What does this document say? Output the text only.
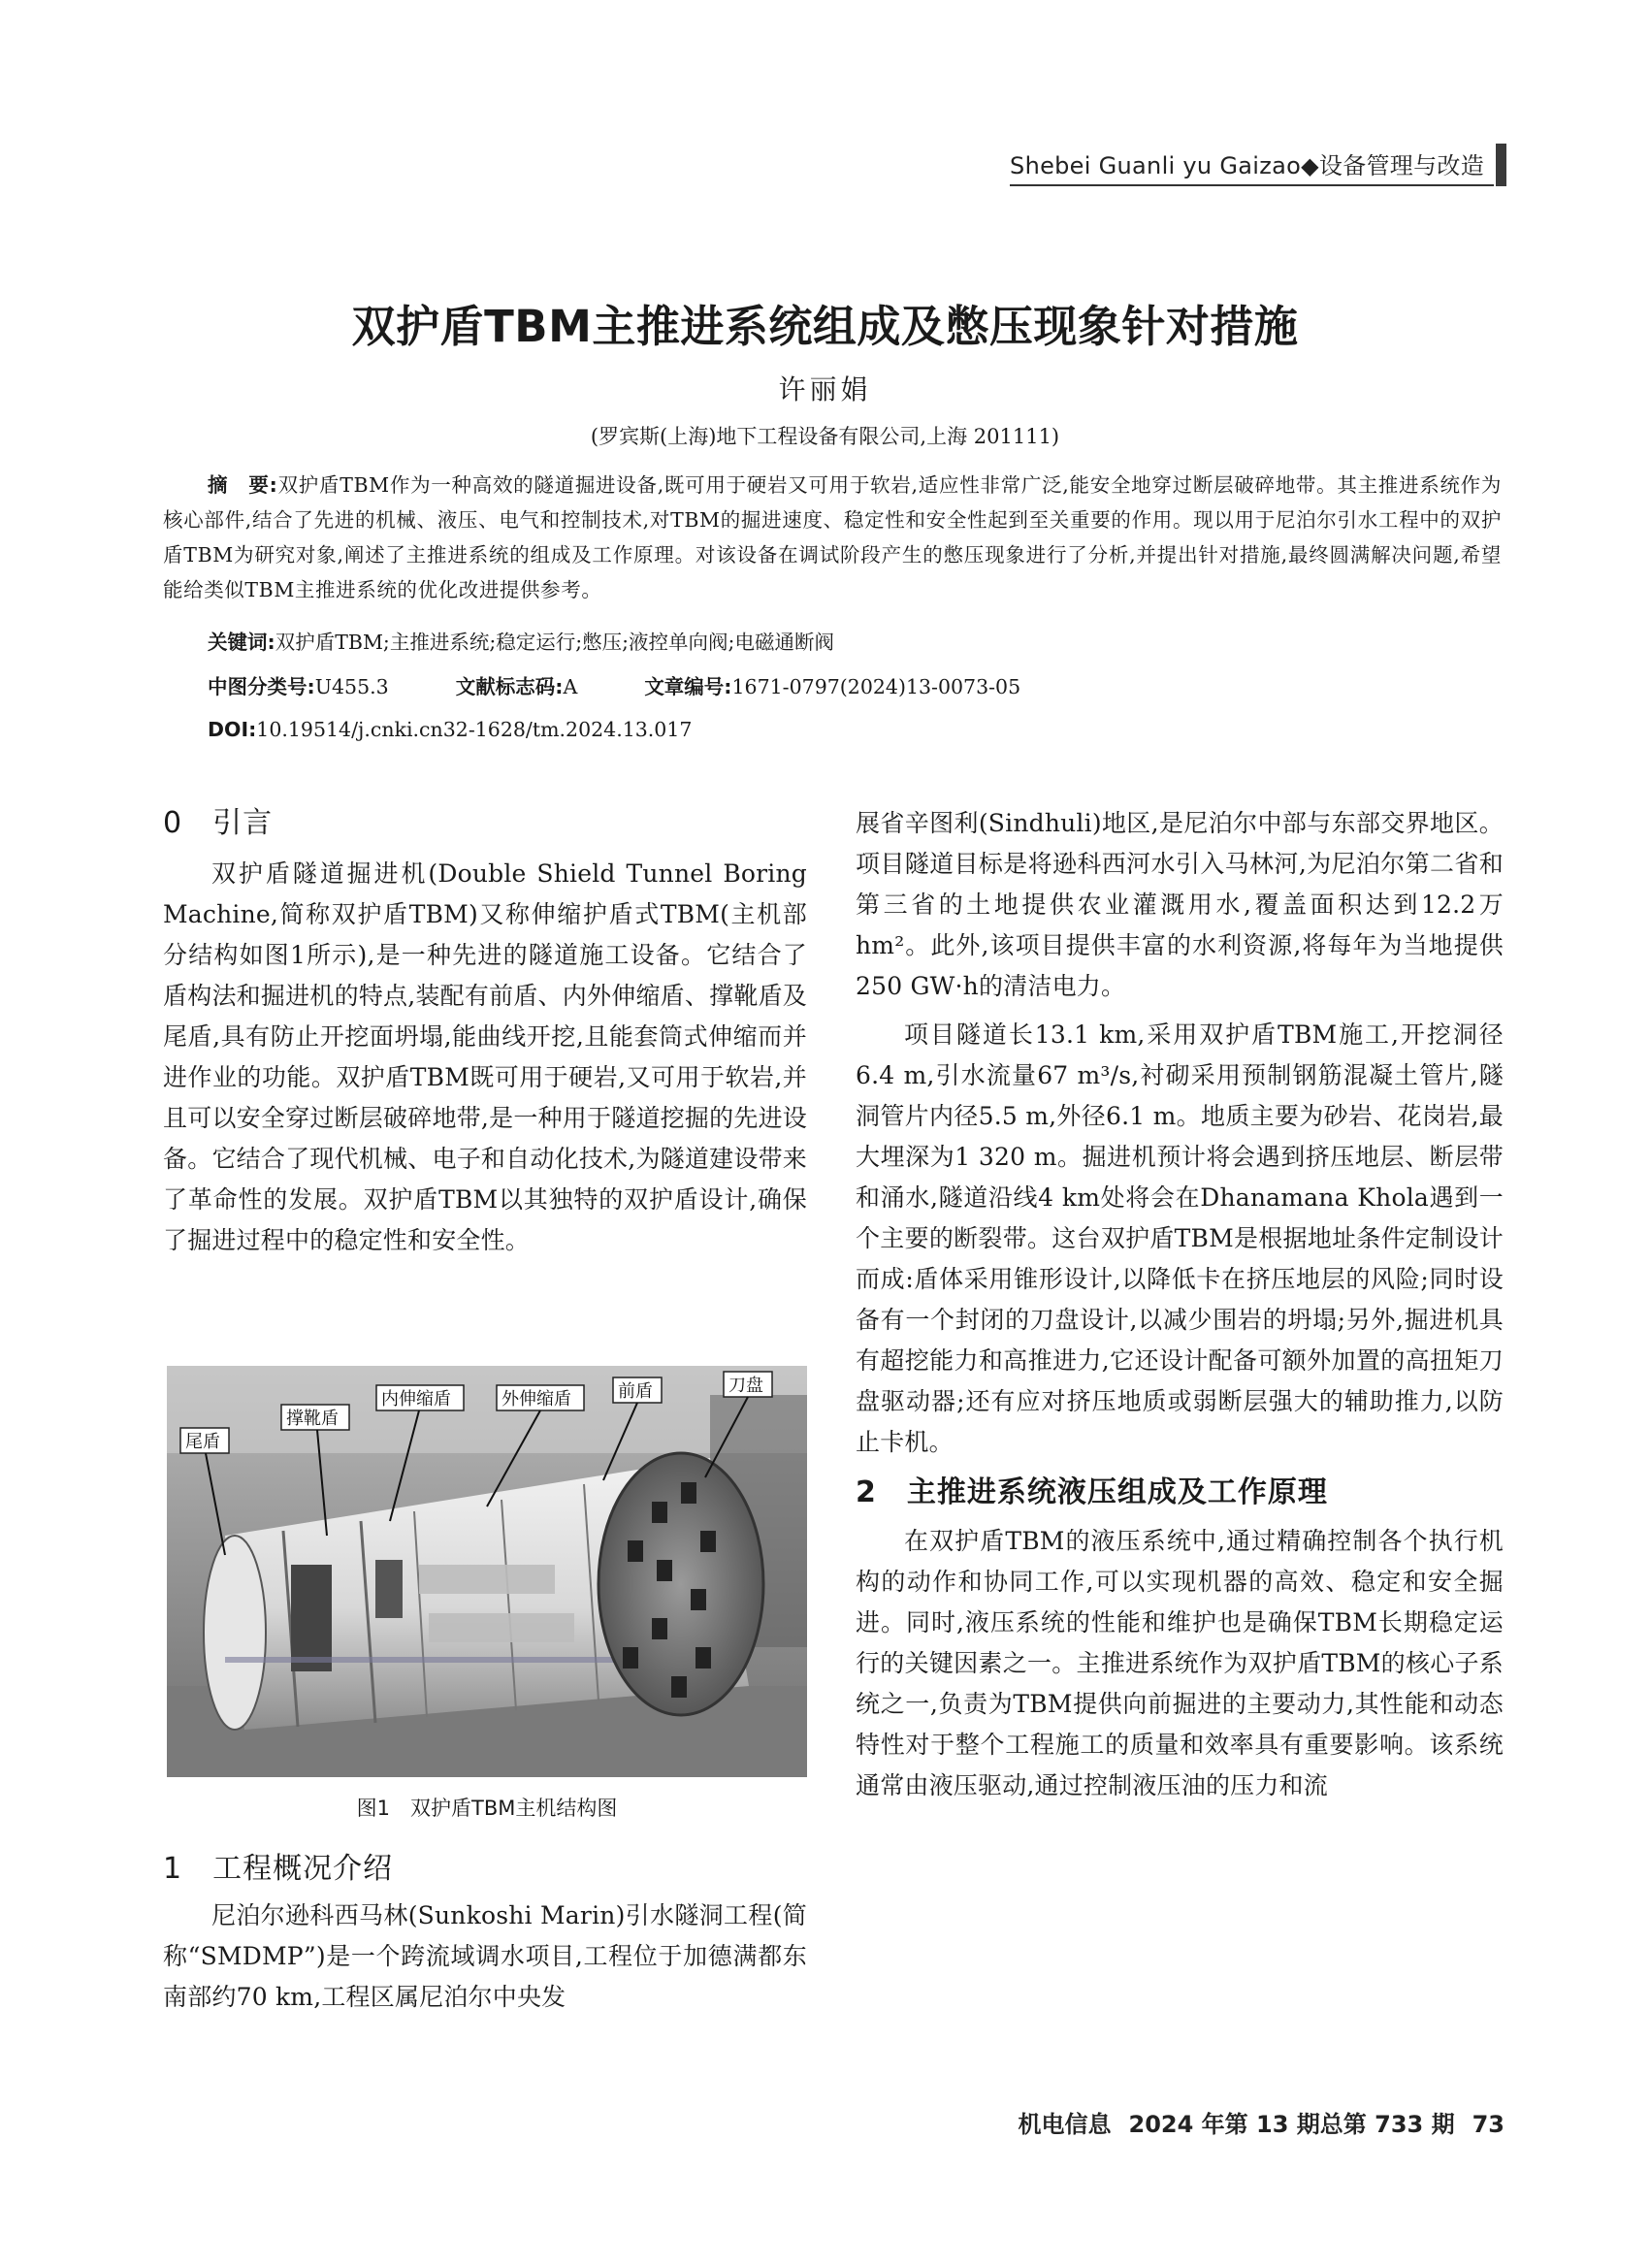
Shebei Guanli yu Gaizao◆设备管理与改造
双护盾TBM主推进系统组成及憋压现象针对措施
许丽娟
(罗宾斯(上海)地下工程设备有限公司,上海 201111)

摘　要:双护盾TBM作为一种高效的隧道掘进设备,既可用于硬岩又可用于软岩,适应性非常广泛,能安全地穿过断层破碎地带。其主推进系统作为核心部件,结合了先进的机械、液压、电气和控制技术,对TBM的掘进速度、稳定性和安全性起到至关重要的作用。现以用于尼泊尔引水工程中的双护盾TBM为研究对象,阐述了主推进系统的组成及工作原理。对该设备在调试阶段产生的憋压现象进行了分析,并提出针对措施,最终圆满解决问题,希望能给类似TBM主推进系统的优化改进提供参考。

关键词:双护盾TBM;主推进系统;稳定运行;憋压;液控单向阀;电磁通断阀
中图分类号:U455.3	文献标志码:A	文章编号:1671-0797(2024)13-0073-05
DOI:10.19514/j.cnki.cn32-1628/tm.2024.13.017
0　引言

双护盾隧道掘进机(Double Shield Tunnel Boring Machine,简称双护盾TBM)又称伸缩护盾式TBM(主机部分结构如图1所示),是一种先进的隧道施工设备。它结合了盾构法和掘进机的特点,装配有前盾、内外伸缩盾、撑靴盾及尾盾,具有防止开挖面坍塌,能曲线开挖,且能套筒式伸缩而并进作业的功能。双护盾TBM既可用于硬岩,又可用于软岩,并且可以安全穿过断层破碎地带,是一种用于隧道挖掘的先进设备。它结合了现代机械、电子和自动化技术,为隧道建设带来了革命性的发展。双护盾TBM以其独特的双护盾设计,确保了掘进过程中的稳定性和安全性。

尾盾
撑靴盾
内伸缩盾	外伸缩盾	前盾	刀盘
图1　双护盾TBM主机结构图
1　工程概况介绍

尼泊尔逊科西马林(Sunkoshi Marin)引水隧洞工程(简称“SMDMP”)是一个跨流域调水项目,工程位于加德满都东南部约70 km,工程区属尼泊尔中央发

展省辛图利(Sindhuli)地区,是尼泊尔中部与东部交界地区。项目隧道目标是将逊科西河水引入马林河,为尼泊尔第二省和第三省的土地提供农业灌溉用水,覆盖面积达到12.2万hm²。此外,该项目提供丰富的水利资源,将每年为当地提供250 GW·h的清洁电力。

项目隧道长13.1 km,采用双护盾TBM施工,开挖洞径6.4 m,引水流量67 m³/s,衬砌采用预制钢筋混凝土管片,隧洞管片内径5.5 m,外径6.1 m。地质主要为砂岩、花岗岩,最大埋深为1 320 m。掘进机预计将会遇到挤压地层、断层带和涌水,隧道沿线4 km处将会在Dhanamana Khola遇到一个主要的断裂带。这台双护盾TBM是根据地址条件定制设计而成:盾体采用锥形设计,以降低卡在挤压地层的风险;同时设备有一个封闭的刀盘设计,以减少围岩的坍塌;另外,掘进机具有超挖能力和高推进力,它还设计配备可额外加置的高扭矩刀盘驱动器;还有应对挤压地质或弱断层强大的辅助推力,以防止卡机。

2　主推进系统液压组成及工作原理

在双护盾TBM的液压系统中,通过精确控制各个执行机构的动作和协同工作,可以实现机器的高效、稳定和安全掘进。同时,液压系统的性能和维护也是确保TBM长期稳定运行的关键因素之一。主推进系统作为双护盾TBM的核心子系统之一,负责为TBM提供向前掘进的主要动力,其性能和动态特性对于整个工程施工的质量和效率具有重要影响。该系统通常由液压驱动,通过控制液压油的压力和流

机电信息 2024 年第 13 期总第 733 期 73
